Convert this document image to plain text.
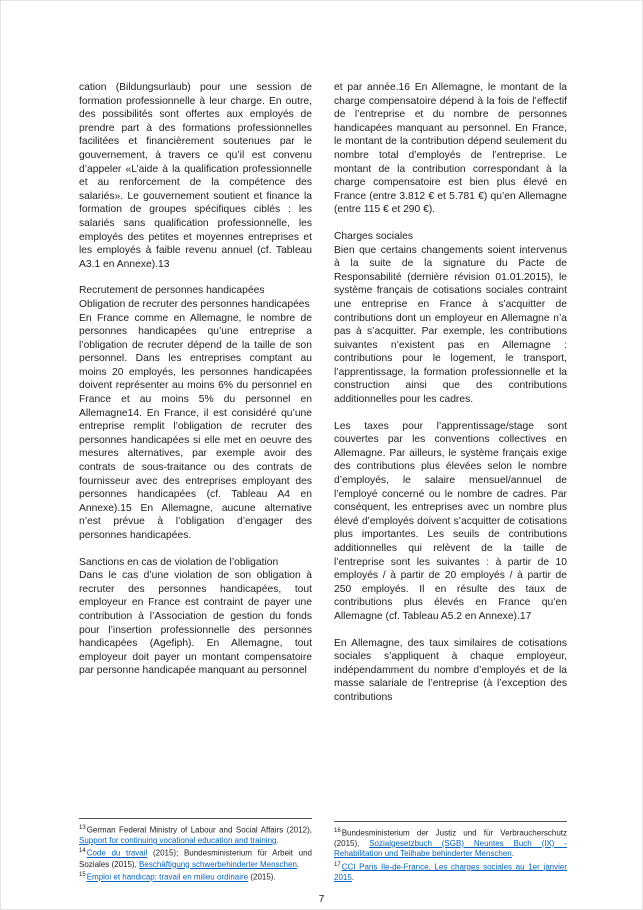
cation (Bildungsurlaub) pour une session de formation professionnelle à leur charge. En outre, des possibilités sont offertes aux employés de prendre part à des formations professionnelles facilitées et financièrement soutenues par le gouvernement, à travers ce qu’il est convenu d’appeler «L’aide à la qualification professionnelle et au renforcement de la compétence des salariés». Le gouvernement soutient et finance la formation de groupes spécifiques ciblés : les salariés sans qualification professionnelle, les employés des petites et moyennes entreprises et les employés à faible revenu annuel (cf. Tableau A3.1 en Annexe).13

Recrutement de personnes handicapées

Obligation de recruter des personnes handicapées

En France comme en Allemagne, le nombre de personnes handicapées qu’une entreprise a l’obligation de recruter dépend de la taille de son personnel. Dans les entreprises comptant au moins 20 employés, les personnes handicapées doivent représenter au moins 6% du personnel en France et au moins 5% du personnel en Allemagne14. En France, il est considéré qu’une entreprise remplit l’obligation de recruter des personnes handicapées si elle met en oeuvre des mesures alternatives, par exemple avoir des contrats de sous-traitance ou des contrats de fournisseur avec des entreprises employant des personnes handicapées (cf. Tableau A4 en Annexe).15 En Allemagne, aucune alternative n’est prévue à l’obligation d’engager des personnes handicapées.

Sanctions en cas de violation de l’obligation

Dans le cas d’une violation de son obligation à recruter des personnes handicapées, tout employeur en France est contraint de payer une contribution à l’Association de gestion du fonds pour l’insertion professionnelle des personnes handicapées (Agefiph). En Allemagne, tout employeur doit payer un montant compensatoire par personne handicapée manquant au personnel

et par année.16 En Allemagne, le montant de la charge compensatoire dépend à la fois de l’effectif de l’entreprise et du nombre de personnes handicapées manquant au personnel. En France, le montant de la contribution dépend seulement du nombre total d’employés de l’entreprise. Le montant de la contribution correspondant à la charge compensatoire est bien plus élevé en France (entre 3.812 € et 5.781 €) qu’en Allemagne (entre 115 € et 290 €).

Charges sociales

Bien que certains changements soient intervenus à la suite de la signature du Pacte de Responsabilité (dernière révision 01.01.2015), le système français de cotisations sociales contraint une entreprise en France à s’acquitter de contributions dont un employeur en Allemagne n’a pas à s’acquitter. Par exemple, les contributions suivantes n’existent pas en Allemagne : contributions pour le logement, le transport, l’apprentissage, la formation professionnelle et la construction ainsi que des contributions additionnelles pour les cadres.

Les taxes pour l’apprentissage/stage sont couvertes par les conventions collectives en Allemagne. Par ailleurs, le système français exige des contributions plus élevées selon le nombre d’employés, le salaire mensuel/annuel de l’employé concerné ou le nombre de cadres. Par conséquent, les entreprises avec un nombre plus élevé d’employés doivent s’acquitter de cotisations plus importantes. Les seuils de contributions additionnelles qui relèvent de la taille de l’entreprise sont les suivantes : à partir de 10 employés / à partir de 20 employés / à partir de 250 employés. Il en résulte des taux de contributions plus élevés en France qu’en Allemagne (cf. Tableau A5.2 en Annexe).17

En Allemagne, des taux similaires de cotisations sociales s’appliquent à chaque employeur, indépendamment du nombre d’employés et de la masse salariale de l’entreprise (à l’exception des contributions

$^{13}$German Federal Ministry of Labour and Social Affairs (2012), Support for continuing vocational education and training.

$^{14}$Code du travail (2015); Bundesministerium für Arbeit und Soziales (2015), Beschäftigung schwerbehinderter Menschen.

$^{15}$Emploi et handicap: travail en milieu ordinaire (2015).

$^{16}$Bundesministerium der Justiz und für Verbraucherschutz (2015), Sozialgesetzbuch (SGB) Neuntes Buch (IX) - Rehabilitation und Teilhabe behinderter Menschen.

$^{17}$CCI Paris Ile-de-France, Les charges sociales au 1er janvier 2015.

7
